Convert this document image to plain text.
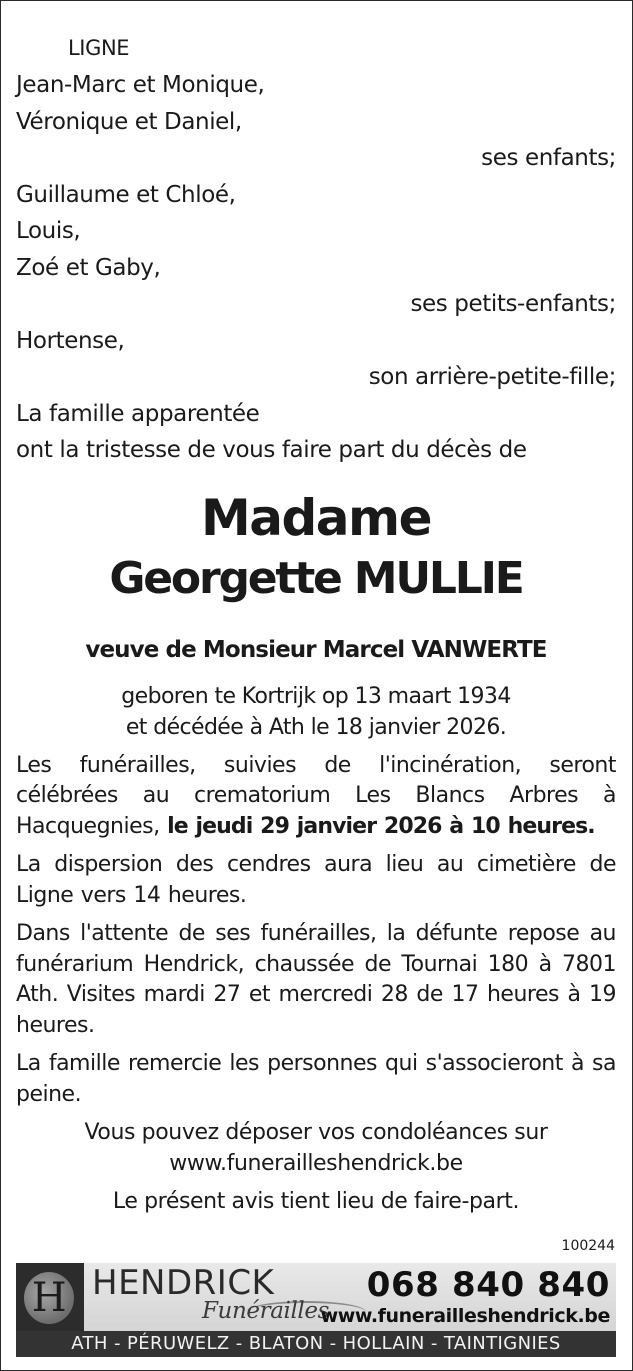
LIGNE
Jean-Marc et Monique,
Véronique et Daniel,
ses enfants;
Guillaume et Chloé,
Louis,
Zoé et Gaby,
ses petits-enfants;
Hortense,
son arrière-petite-fille;
La famille apparentée
ont la tristesse de vous faire part du décès de
Madame
Georgette MULLIE
veuve de Monsieur Marcel VANWERTE
geboren te Kortrijk op 13 maart 1934
et décédée à Ath le 18 janvier 2026.
Les funérailles, suivies de l'incinération, seront célébrées au crematorium Les Blancs Arbres à Hacquegnies, le jeudi 29 janvier 2026 à 10 heures.
La dispersion des cendres aura lieu au cimetière de Ligne vers 14 heures.
Dans l'attente de ses funérailles, la défunte repose au funérarium Hendrick, chaussée de Tournai 180 à 7801 Ath. Visites mardi 27 et mercredi 28 de 17 heures à 19 heures.
La famille remercie les personnes qui s'associeront à sa peine.
Vous pouvez déposer vos condoléances sur
www.funerailleshendrick.be
Le présent avis tient lieu de faire-part.
100244
H HENDRICK
Funérailles
068 840 840
www.funerailleshendrick.be
ATH - PÉRUWELZ - BLATON - HOLLAIN - TAINTIGNIES
